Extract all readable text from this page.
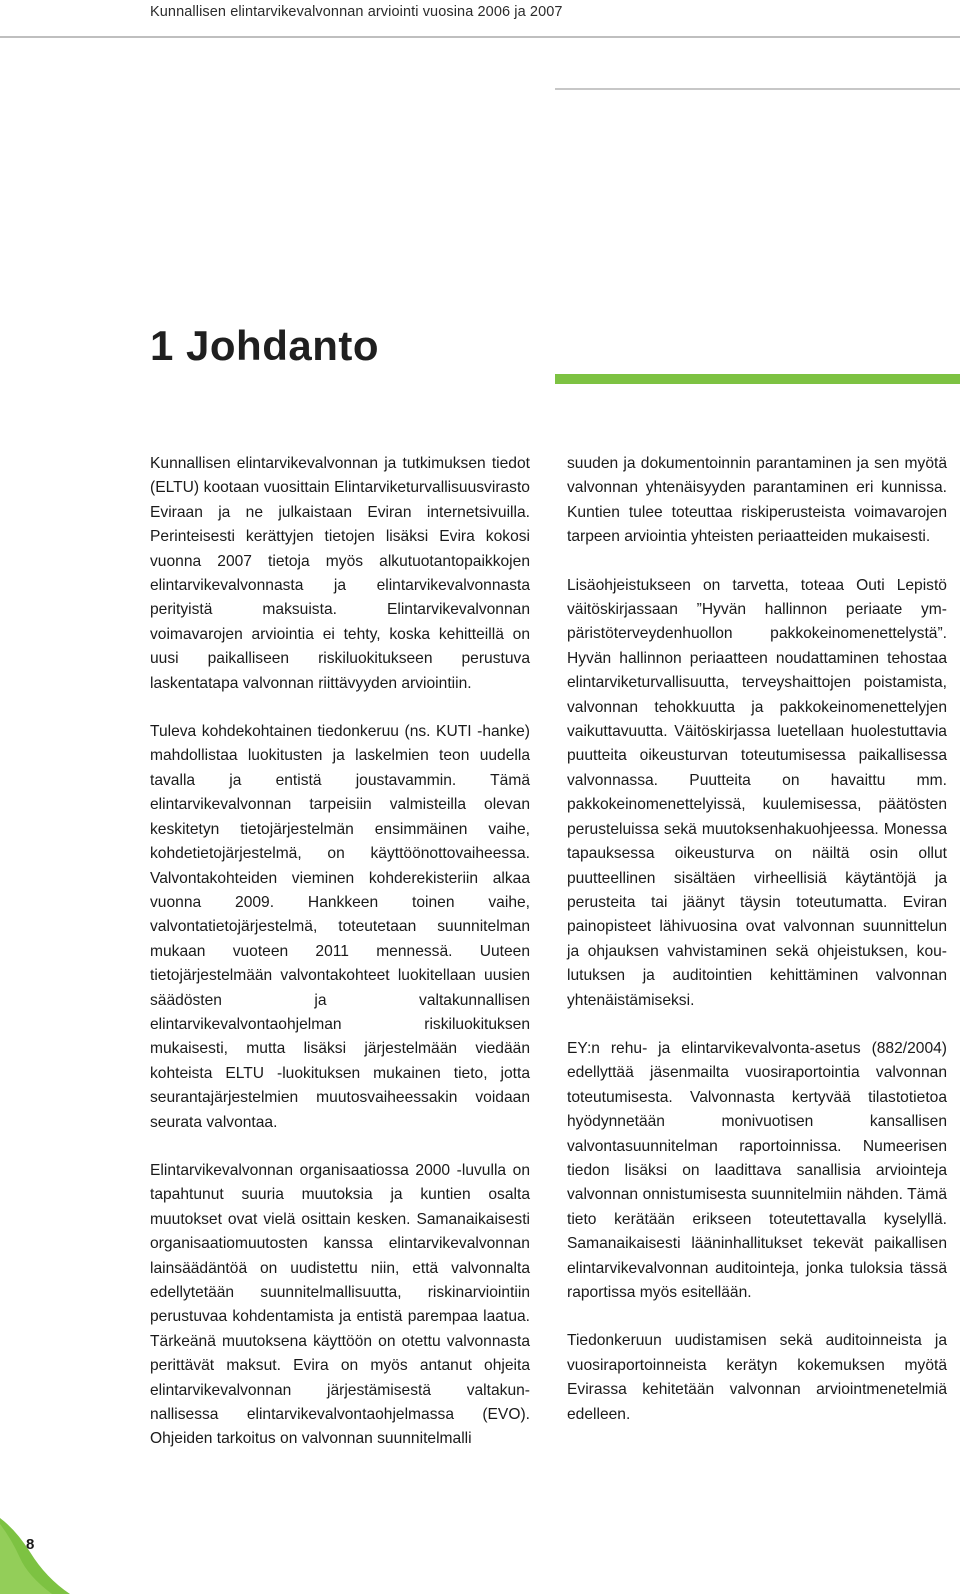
Kunnallisen elintarvikevalvonnan arviointi vuosina 2006 ja 2007
1 Johdanto

Kunnallisen elintarvikevalvonnan ja tutkimuksen tiedot (ELTU) kootaan vuosittain Elintarviketurvallisuusvirasto Eviraan ja ne julkaistaan Eviran internetsivuilla. Perinteisesti kerättyjen tietojen lisäksi Evira kokosi vuonna 2007 tietoja myös alkutuotantopaikkojen elintarvikevalvonnasta ja elintarvikevalvonnasta perityistä maksuista. Elintarvikevalvonnan voimavarojen arviointia ei tehty, koska kehitteillä on uusi paikalliseen riskiluokitukseen perustuva laskentatapa valvonnan riittävyyden arviointiin.

Tuleva kohdekohtainen tiedonkeruu (ns. KUTI -hanke) mahdollistaa luokitusten ja laskelmien teon uudella tavalla ja entistä joustavammin. Tämä elintarvikevalvonnan tarpeisiin valmisteilla olevan keskitetyn tietojärjestelmän ensimmäinen vaihe, kohdetietojärjestelmä, on käyttöönottovaiheessa. Valvontakohteiden vieminen kohderekisteriin alkaa vuonna 2009. Hankkeen toinen vaihe, valvontatietojärjestelmä, toteutetaan suunnitelman mukaan vuoteen 2011 mennessä. Uuteen tietojärjestelmään valvontakohteet luokitellaan uusien säädösten ja valtakunnallisen elintarvikevalvontaohjelman riskiluokituksen mukaisesti, mutta lisäksi järjestelmään viedään kohteista ELTU -luokituksen mukainen tieto, jotta seurantajärjestelmien muutosvaiheessakin voidaan seurata valvontaa.

Elintarvikevalvonnan organisaatiossa 2000 -luvulla on tapahtunut suuria muutoksia ja kuntien osalta muutokset ovat vielä osittain kesken. Samanaikaisesti organisaatiomuutosten kanssa elintarvikevalvonnan lainsäädäntöä on uudistettu niin, että valvonnalta edellytetään suunnitelmallisuutta, riskinarviointiin perustuvaa kohdentamista ja entistä parempaa laatua. Tärkeänä muutoksena käyttöön on otettu valvonnasta perittävät maksut. Evira on myös antanut ohjeita elintarvikevalvonnan järjestämisestä valtakunnallisessa elintarvikevalvontaohjelmassa (EVO). Ohjeiden tarkoitus on valvonnan suunnitelmalli

suuden ja dokumentoinnin parantaminen ja sen myötä valvonnan yhtenäisyyden parantaminen eri kunnissa. Kuntien tulee toteuttaa riskiperusteista voimavarojen tarpeen arviointia yhteisten periaatteiden mukaisesti.

Lisäohjeistukseen on tarvetta, toteaa Outi Lepistö väitöskirjassaan ”Hyvän hallinnon periaate ympäristöterveydenhuollon pakkokeinomenettelystä”. Hyvän hallinnon periaatteen noudattaminen tehostaa elintarviketurvallisuutta, terveyshaittojen poistamista, valvonnan tehokkuutta ja pakkokeinomenettelyjen vaikuttavuutta. Väitöskirjassa luetellaan huolestuttavia puutteita oikeusturvan toteutumisessa paikallisessa valvonnassa. Puutteita on havaittu mm. pakkokeinomenettelyissä, kuulemisessa, päätösten perusteluissa sekä muutoksenhakuohjeessa. Monessa tapauksessa oikeusturva on näiltä osin ollut puutteellinen sisältäen virheellisiä käytäntöjä ja perusteita tai jäänyt täysin toteutumatta. Eviran painopisteet lähivuosina ovat valvonnan suunnittelun ja ohjauksen vahvistaminen sekä ohjeistuksen, koulutuksen ja auditointien kehittäminen valvonnan yhtenäistämiseksi.

EY:n rehu- ja elintarvikevalvonta-asetus (882/2004) edellyttää jäsenmailta vuosiraportointia valvonnan toteutumisesta. Valvonnasta kertyvää tilastotietoa hyödynnetään monivuotisen kansallisen valvontasuunnitelman raportoinnissa. Numeerisen tiedon lisäksi on laadittava sanallisia arviointeja valvonnan onnistumisesta suunnitelmiin nähden. Tämä tieto kerätään erikseen toteutettavalla kyselyllä. Samanaikaisesti lääninhallitukset tekevät paikallisen elintarvikevalvonnan auditointeja, jonka tuloksia tässä raportissa myös esitellään.

Tiedonkeruun uudistamisen sekä auditoinneista ja vuosiraportoinneista kerätyn kokemuksen myötä Evirassa kehitetään valvonnan arviointmenetelmiä edelleen.

8
